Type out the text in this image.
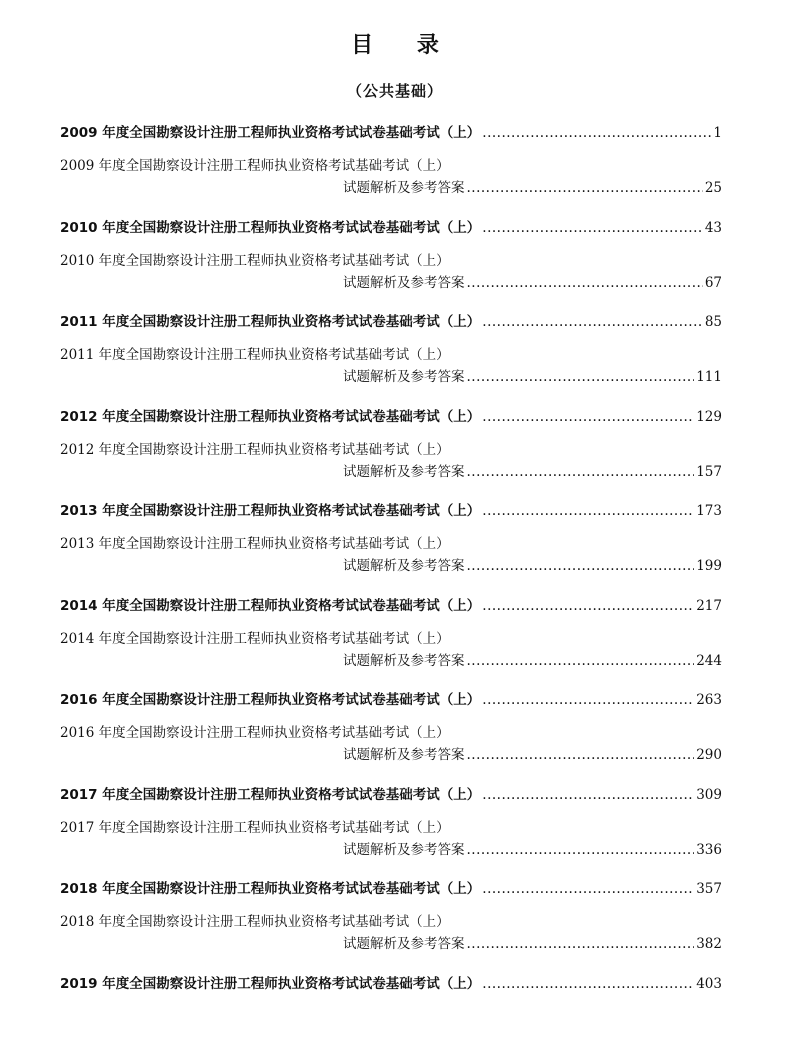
目 录
（公共基础）
2009 年度全国勘察设计注册工程师执业资格考试试卷基础考试（上） .....	1
2009 年度全国勘察设计注册工程师执业资格考试基础考试（上）
试题解析及参考答案 .....	25
2010 年度全国勘察设计注册工程师执业资格考试试卷基础考试（上） .....	43
2010 年度全国勘察设计注册工程师执业资格考试基础考试（上）
试题解析及参考答案 .....	67
2011 年度全国勘察设计注册工程师执业资格考试试卷基础考试（上） .....	85
2011 年度全国勘察设计注册工程师执业资格考试基础考试（上）
试题解析及参考答案 .....	111
2012 年度全国勘察设计注册工程师执业资格考试试卷基础考试（上） .....	129
2012 年度全国勘察设计注册工程师执业资格考试基础考试（上）
试题解析及参考答案 .....	157
2013 年度全国勘察设计注册工程师执业资格考试试卷基础考试（上） .....	173
2013 年度全国勘察设计注册工程师执业资格考试基础考试（上）
试题解析及参考答案 .....	199
2014 年度全国勘察设计注册工程师执业资格考试试卷基础考试（上） .....	217
2014 年度全国勘察设计注册工程师执业资格考试基础考试（上）
试题解析及参考答案 .....	244
2016 年度全国勘察设计注册工程师执业资格考试试卷基础考试（上） .....	263
2016 年度全国勘察设计注册工程师执业资格考试基础考试（上）
试题解析及参考答案 .....	290
2017 年度全国勘察设计注册工程师执业资格考试试卷基础考试（上） .....	309
2017 年度全国勘察设计注册工程师执业资格考试基础考试（上）
试题解析及参考答案 .....	336
2018 年度全国勘察设计注册工程师执业资格考试试卷基础考试（上） .....	357
2018 年度全国勘察设计注册工程师执业资格考试基础考试（上）
试题解析及参考答案 .....	382
2019 年度全国勘察设计注册工程师执业资格考试试卷基础考试（上） .....	403
